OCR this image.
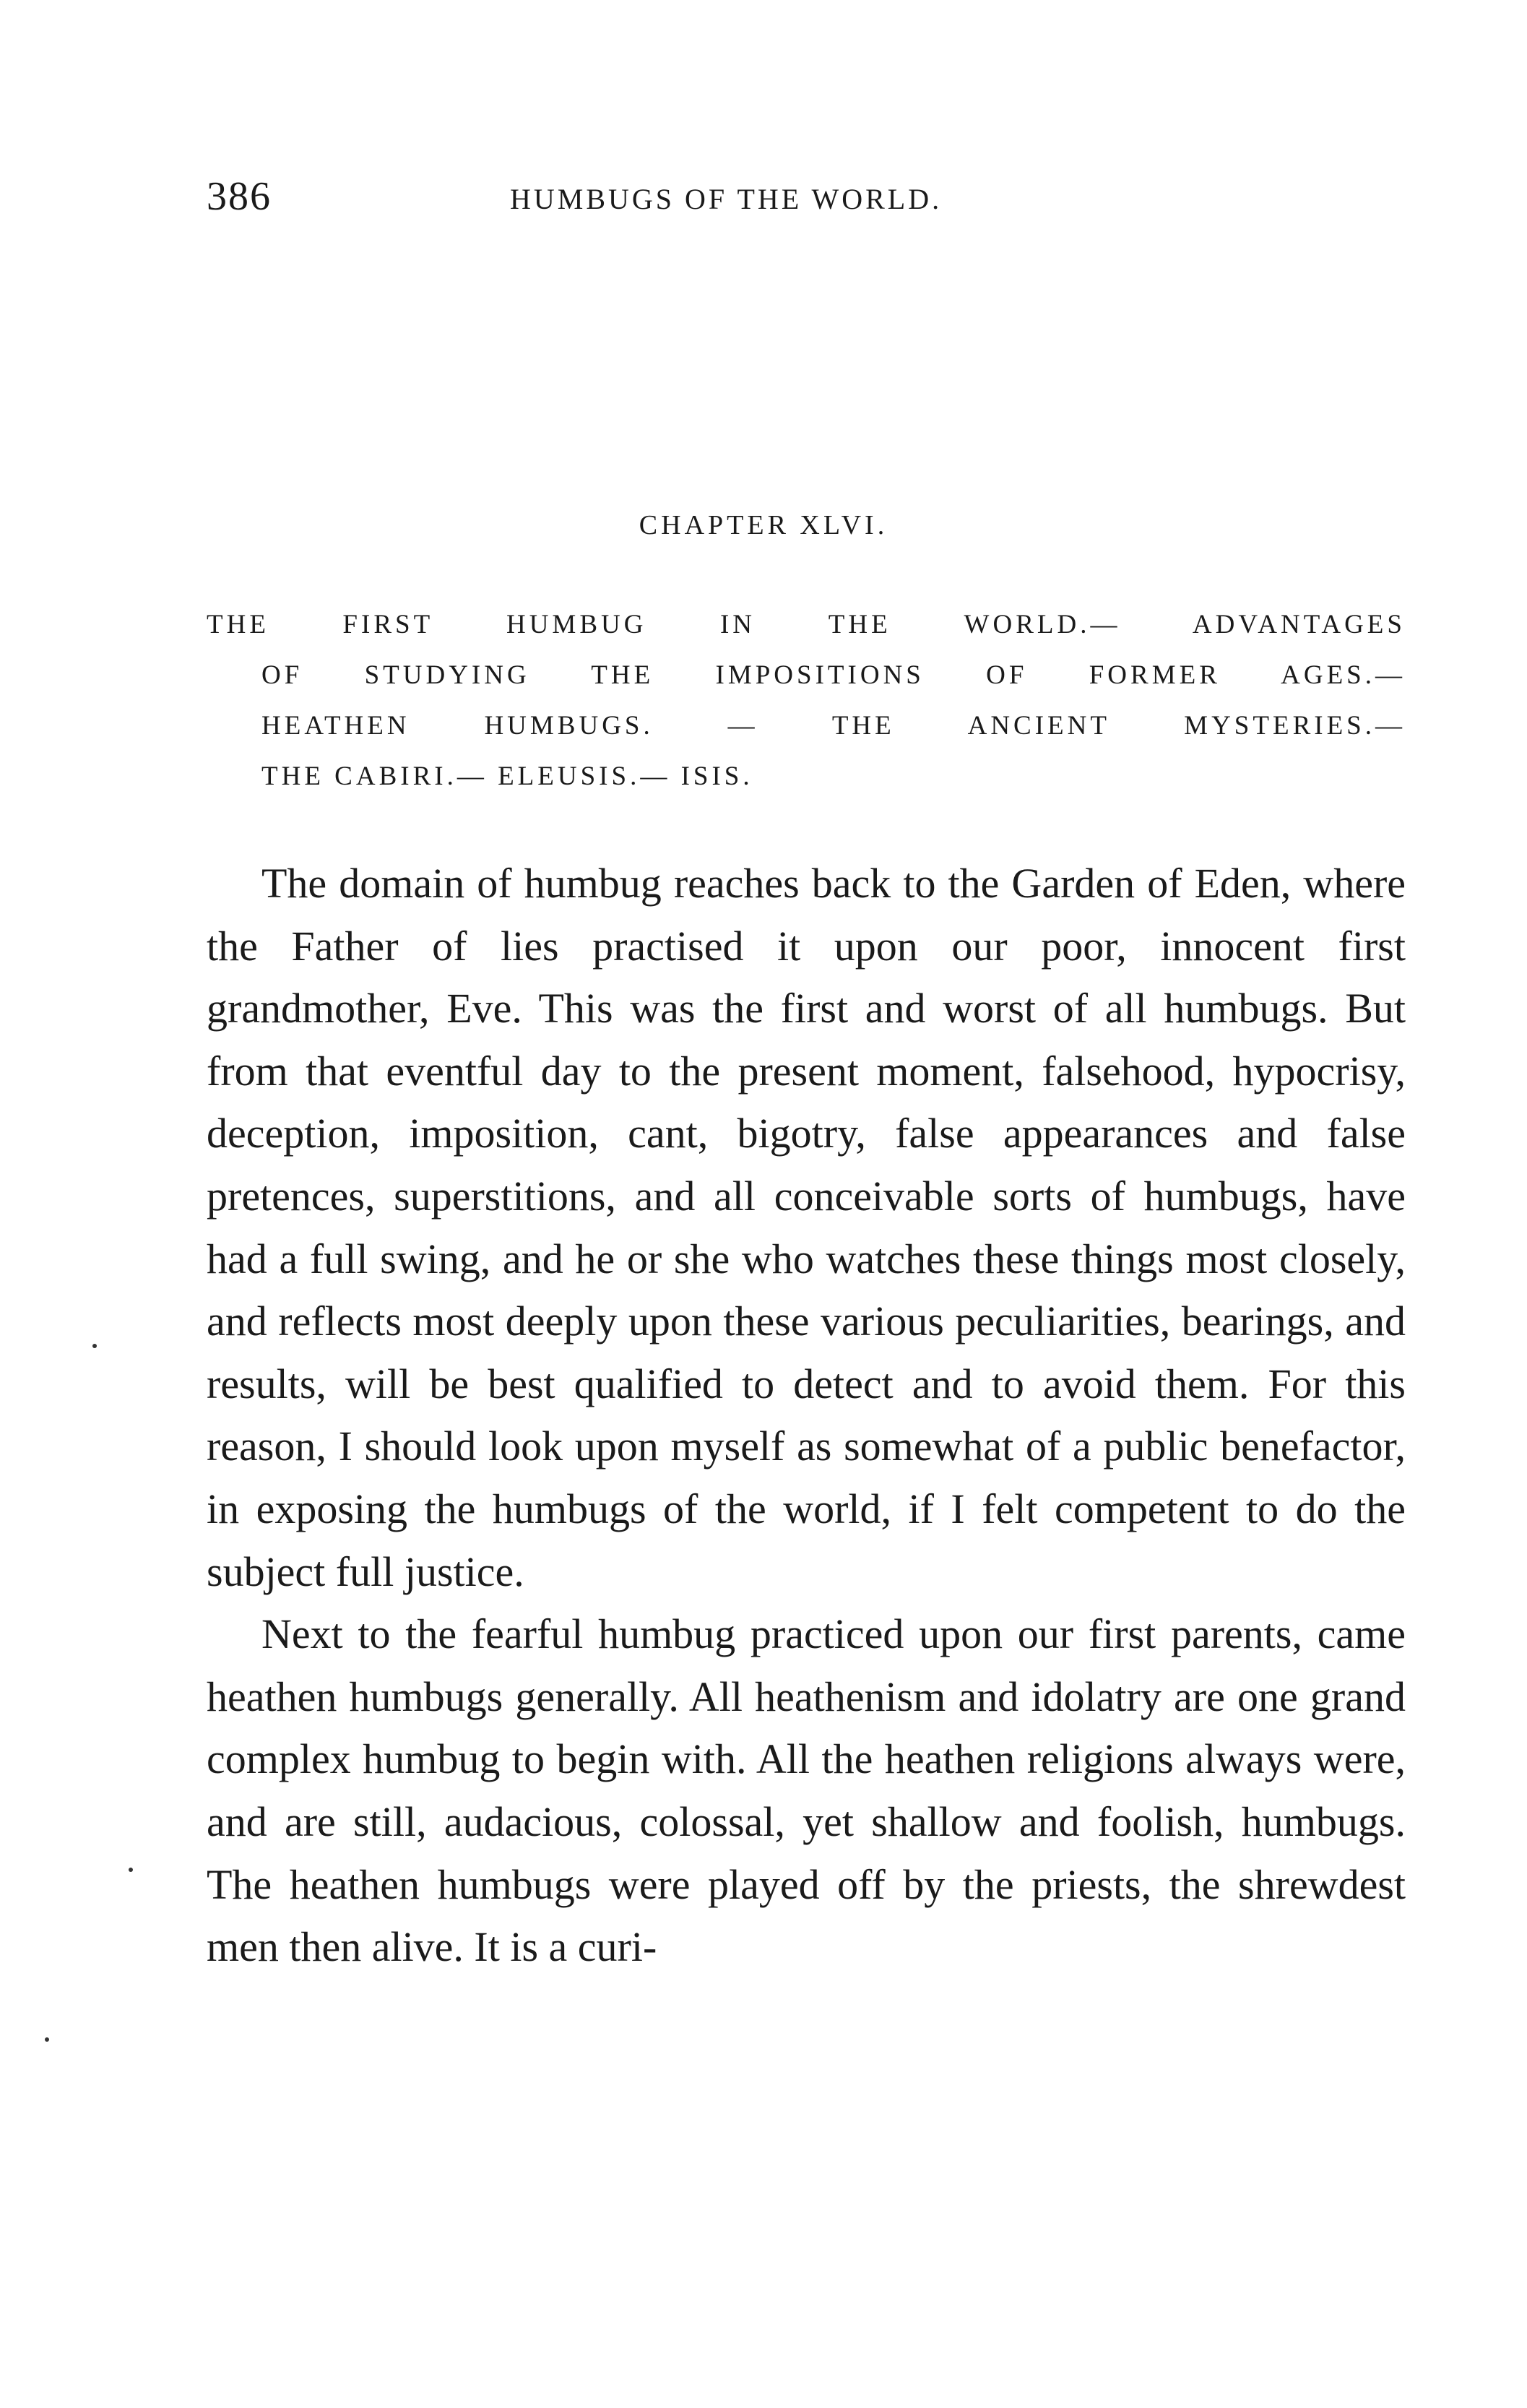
386	HUMBUGS OF THE WORLD.
CHAPTER XLVI.
THE FIRST HUMBUG IN THE WORLD.— ADVANTAGES
OF STUDYING THE IMPOSITIONS OF FORMER AGES.—
HEATHEN HUMBUGS. — THE ANCIENT MYSTERIES.—
THE CABIRI.— ELEUSIS.— ISIS.

The domain of humbug reaches back to the Garden of Eden, where the Father of lies practised it upon our poor, innocent first grandmother, Eve. This was the first and worst of all humbugs. But from that eventful day to the present moment, falsehood, hypocrisy, deception, imposition, cant, bigotry, false appearances and false pretences, superstitions, and all conceivable sorts of humbugs, have had a full swing, and he or she who watches these things most closely, and reflects most deeply upon these various peculiarities, bearings, and results, will be best qualified to detect and to avoid them. For this reason, I should look upon myself as somewhat of a public benefactor, in exposing the humbugs of the world, if I felt competent to do the subject full justice.

Next to the fearful humbug practiced upon our first parents, came heathen humbugs generally. All heathenism and idolatry are one grand complex humbug to begin with. All the heathen religions always were, and are still, audacious, colossal, yet shallow and foolish, humbugs. The heathen humbugs were played off by the priests, the shrewdest men then alive. It is a curi-
